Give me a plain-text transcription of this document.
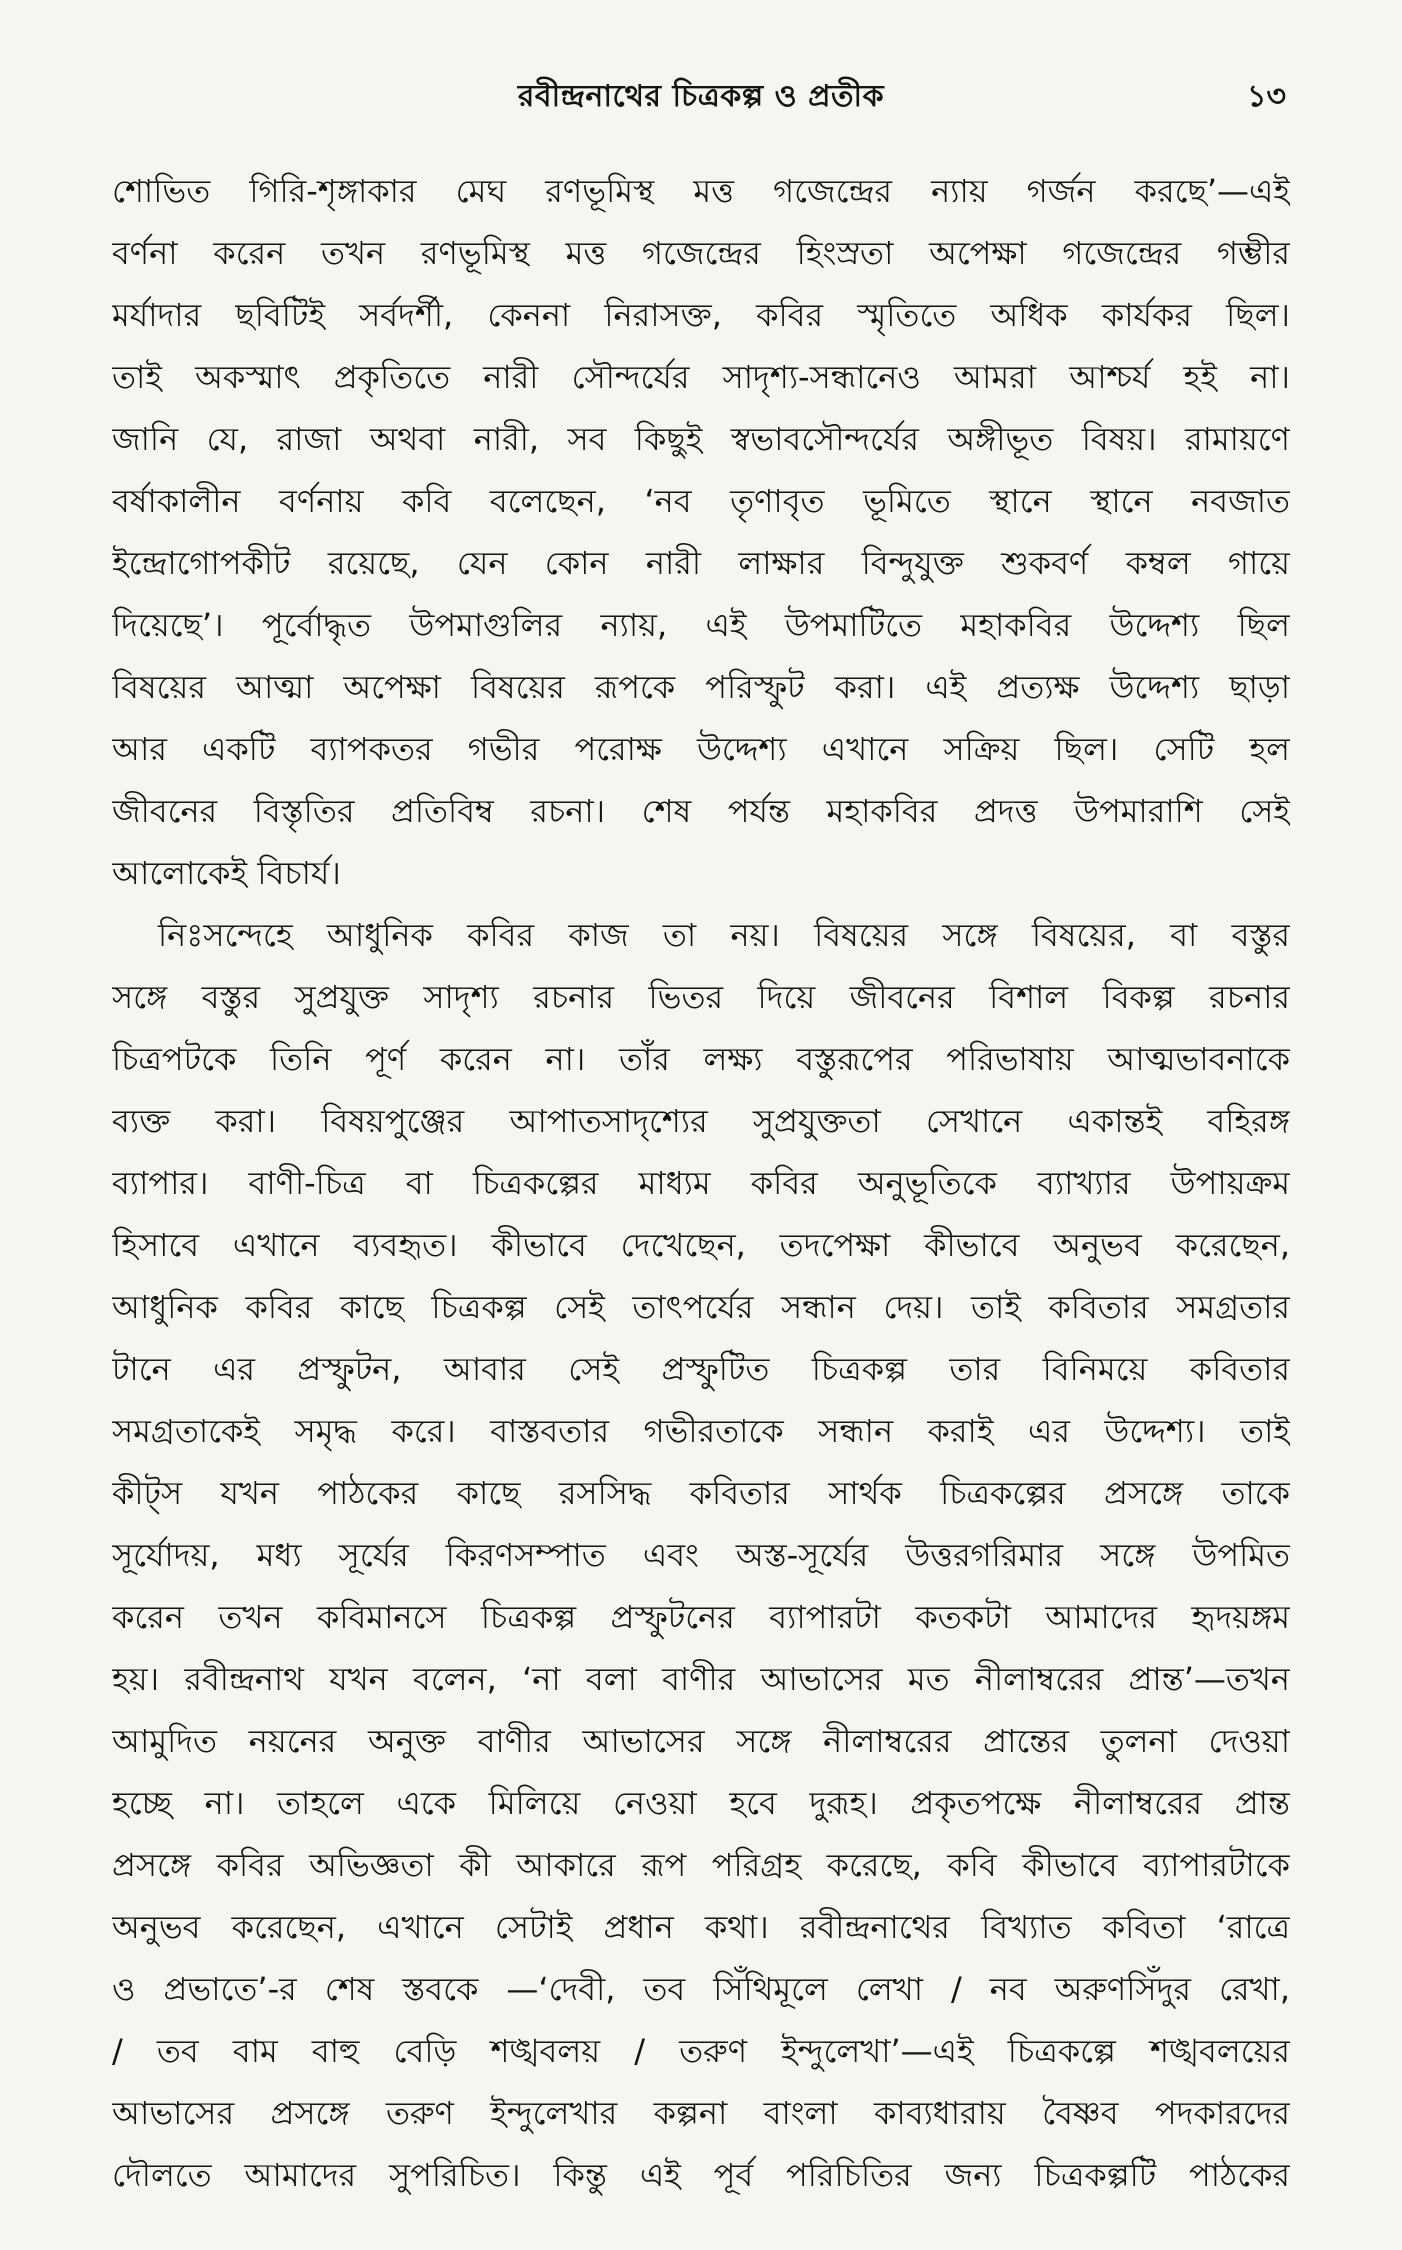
রবীন্দ্রনাথের চিত্রকল্প ও প্রতীক	১৩
শোভিত গিরি-শৃঙ্গাকার মেঘ রণভূমিস্থ মত্ত গজেন্দ্রের ন্যায় গর্জন করছে’—এই
বর্ণনা করেন তখন রণভূমিস্থ মত্ত গজেন্দ্রের হিংস্রতা অপেক্ষা গজেন্দ্রের গম্ভীর
মর্যাদার ছবিটিই সর্বদর্শী, কেননা নিরাসক্ত, কবির স্মৃতিতে অধিক কার্যকর ছিল।
তাই অকস্মাৎ প্রকৃতিতে নারী সৌন্দর্যের সাদৃশ্য-সন্ধানেও আমরা আশ্চর্য হই না।
জানি যে, রাজা অথবা নারী, সব কিছুই স্বভাবসৌন্দর্যের অঙ্গীভূত বিষয়। রামায়ণে
বর্ষাকালীন বর্ণনায় কবি বলেছেন, ‘নব তৃণাবৃত ভূমিতে স্থানে স্থানে নবজাত
ইন্দ্রোগোপকীট রয়েছে, যেন কোন নারী লাক্ষার বিন্দুযুক্ত শুকবর্ণ কম্বল গায়ে
দিয়েছে’। পূর্বোদ্ধৃত উপমাগুলির ন্যায়, এই উপমাটিতে মহাকবির উদ্দেশ্য ছিল
বিষয়ের আত্মা অপেক্ষা বিষয়ের রূপকে পরিস্ফুট করা। এই প্রত্যক্ষ উদ্দেশ্য ছাড়া
আর একটি ব্যাপকতর গভীর পরোক্ষ উদ্দেশ্য এখানে সক্রিয় ছিল। সেটি হল
জীবনের বিস্তৃতির প্রতিবিম্ব রচনা। শেষ পর্যন্ত মহাকবির প্রদত্ত উপমারাশি সেই
আলোকেই বিচার্য।
নিঃসন্দেহে আধুনিক কবির কাজ তা নয়। বিষয়ের সঙ্গে বিষয়ের, বা বস্তুর
সঙ্গে বস্তুর সুপ্রযুক্ত সাদৃশ্য রচনার ভিতর দিয়ে জীবনের বিশাল বিকল্প রচনার
চিত্রপটকে তিনি পূর্ণ করেন না। তাঁর লক্ষ্য বস্তুরূপের পরিভাষায় আত্মভাবনাকে
ব্যক্ত করা। বিষয়পুঞ্জের আপাতসাদৃশ্যের সুপ্রযুক্ততা সেখানে একান্তই বহিরঙ্গ
ব্যাপার। বাণী-চিত্র বা চিত্রকল্পের মাধ্যম কবির অনুভূতিকে ব্যাখ্যার উপায়ক্রম
হিসাবে এখানে ব্যবহৃত। কীভাবে দেখেছেন, তদপেক্ষা কীভাবে অনুভব করেছেন,
আধুনিক কবির কাছে চিত্রকল্প সেই তাৎপর্যের সন্ধান দেয়। তাই কবিতার সমগ্রতার
টানে এর প্রস্ফুটন, আবার সেই প্রস্ফুটিত চিত্রকল্প তার বিনিময়ে কবিতার
সমগ্রতাকেই সমৃদ্ধ করে। বাস্তবতার গভীরতাকে সন্ধান করাই এর উদ্দেশ্য। তাই
কীট্স যখন পাঠকের কাছে রসসিদ্ধ কবিতার সার্থক চিত্রকল্পের প্রসঙ্গে তাকে
সূর্যোদয়, মধ্য সূর্যের কিরণসম্পাত এবং অস্ত-সূর্যের উত্তরগরিমার সঙ্গে উপমিত
করেন তখন কবিমানসে চিত্রকল্প প্রস্ফুটনের ব্যাপারটা কতকটা আমাদের হৃদয়ঙ্গম
হয়। রবীন্দ্রনাথ যখন বলেন, ‘না বলা বাণীর আভাসের মত নীলাম্বরের প্রান্ত’—তখন
আমুদিত নয়নের অনুক্ত বাণীর আভাসের সঙ্গে নীলাম্বরের প্রান্তের তুলনা দেওয়া
হচ্ছে না। তাহলে একে মিলিয়ে নেওয়া হবে দুরূহ। প্রকৃতপক্ষে নীলাম্বরের প্রান্ত
প্রসঙ্গে কবির অভিজ্ঞতা কী আকারে রূপ পরিগ্রহ করেছে, কবি কীভাবে ব্যাপারটাকে
অনুভব করেছেন, এখানে সেটাই প্রধান কথা। রবীন্দ্রনাথের বিখ্যাত কবিতা ‘রাত্রে
ও প্রভাতে’-র শেষ স্তবকে —‘দেবী, তব সিঁথিমূলে লেখা / নব অরুণসিঁদুর রেখা,
/ তব বাম বাহু বেড়ি শঙ্খবলয় / তরুণ ইন্দুলেখা’—এই চিত্রকল্পে শঙ্খবলয়ের
আভাসের প্রসঙ্গে তরুণ ইন্দুলেখার কল্পনা বাংলা কাব্যধারায় বৈষ্ণব পদকারদের
দৌলতে আমাদের সুপরিচিত। কিন্তু এই পূর্ব পরিচিতির জন্য চিত্রকল্পটি পাঠকের
